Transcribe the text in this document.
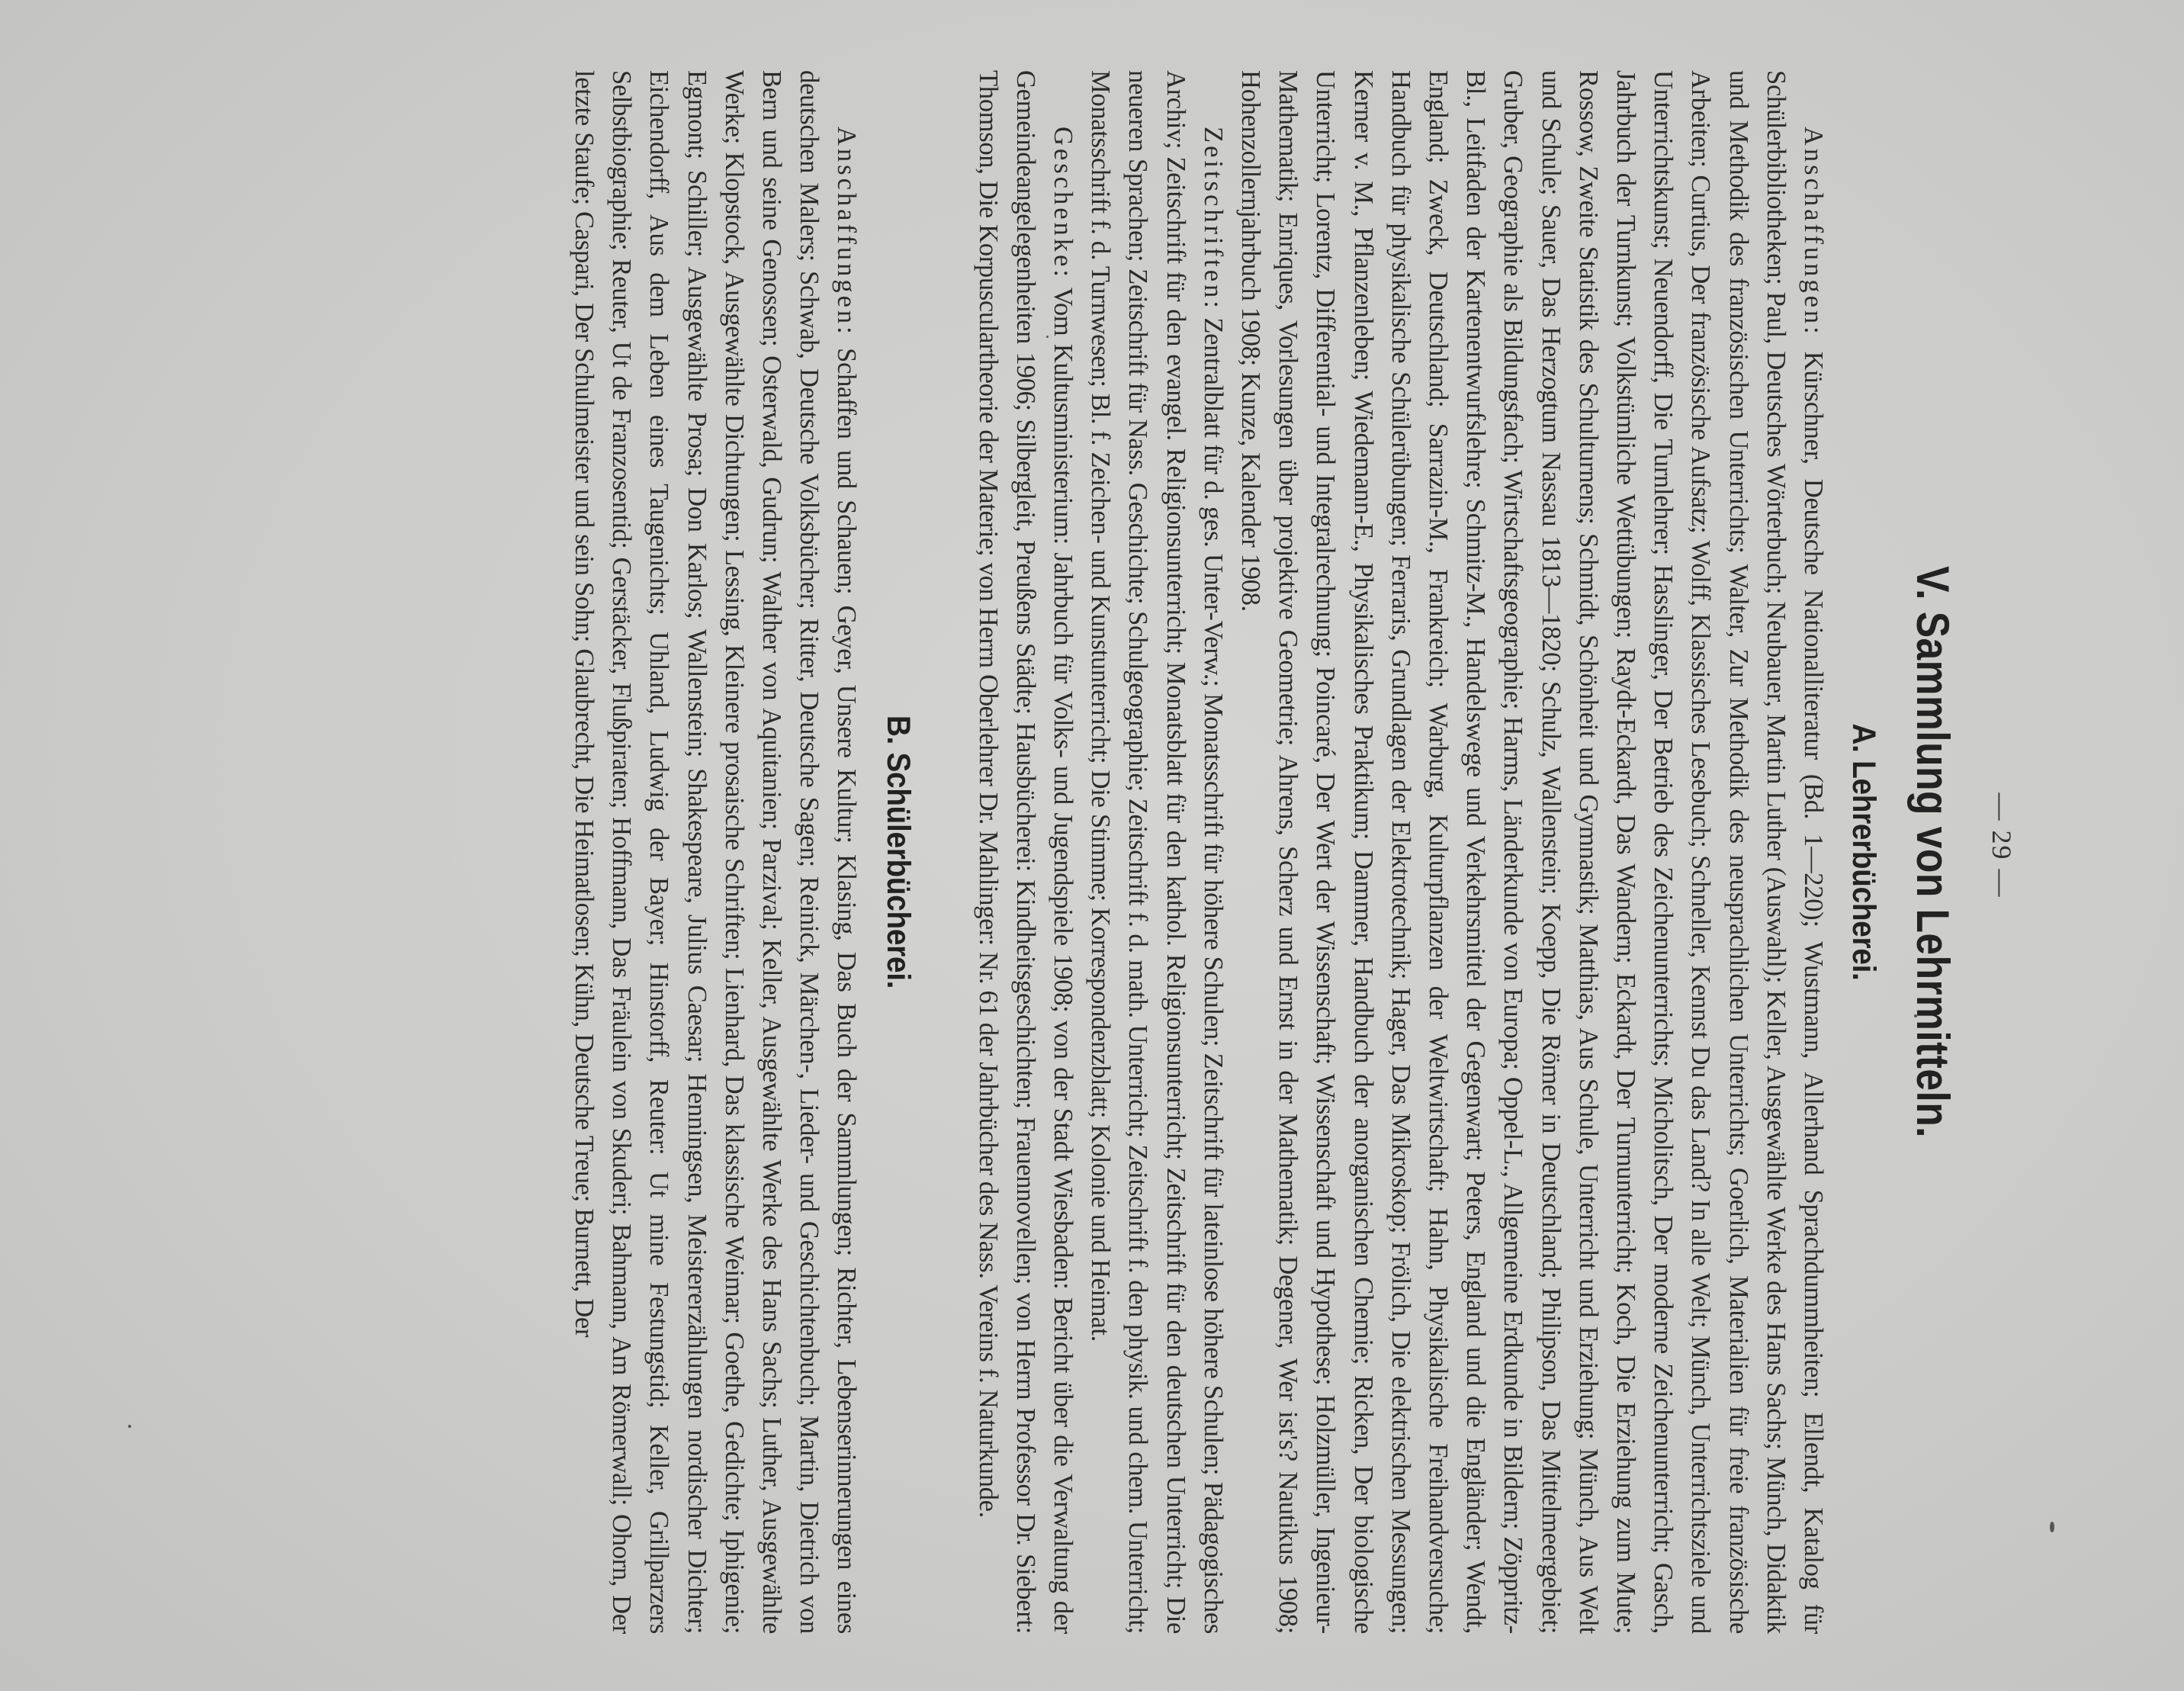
— 29 —
V. Sammlung von Lehrmitteln.
A. Lehrerbücherei.

Anschaffungen: Kürschner, Deutsche Nationalliteratur (Bd. 1—220); Wustmann, Allerhand Sprachdummheiten; Ellendt, Katalog für Schülerbibliotheken; Paul, Deutsches Wörterbuch; Neubauer, Martin Luther (Auswahl); Keller, Ausgewählte Werke des Hans Sachs; Münch, Didaktik und Methodik des französischen Unterrichts; Walter, Zur Methodik des neusprachlichen Unterrichts; Goerlich, Materialien für freie französische Arbeiten; Curtius, Der französische Aufsatz; Wolff, Klassisches Lesebuch; Schneller, Kennst Du das Land? In alle Welt; Münch, Unterrichtsziele und Unterrichtskunst; Neuendorff, Die Turnlehrer; Hasslinger, Der Betrieb des Zeichenunterrichts; Micholitsch, Der moderne Zeichenunterricht; Gasch, Jahrbuch der Turnkunst; Volkstümliche Wettübungen; Raydt-Eckardt, Das Wandern; Eckardt, Der Turnunterricht; Koch, Die Erziehung zum Mute; Rossow, Zweite Statistik des Schulturnens; Schmidt, Schönheit und Gymnastik; Matthias, Aus Schule, Unterricht und Erziehung; Münch, Aus Welt und Schule; Sauer, Das Herzogtum Nassau 1813—1820; Schulz, Wallenstein; Koepp, Die Römer in Deutschland; Philipson, Das Mittelmeergebiet; Gruber, Geographie als Bildungsfach; Wirtschaftsgeographie; Harms, Länderkunde von Europa; Oppel-L., Allgemeine Erdkunde in Bildern; Zöppritz-Bl., Leitfaden der Kartenentwurfslehre; Schmitz-M., Handelswege und Verkehrsmittel der Gegenwart; Peters, England und die Engländer; Wendt, England; Zweck, Deutschland; Sarrazin-M., Frankreich; Warburg, Kulturpflanzen der Weltwirtschaft; Hahn, Physikalische Freihandversuche; Handbuch für physikalische Schülerübungen; Ferraris, Grundlagen der Elektrotechnik; Hager, Das Mikroskop; Frölich, Die elektrischen Messungen; Kerner v. M., Pflanzenleben; Wiedemann-E., Physikalisches Praktikum; Dammer, Handbuch der anorganischen Chemie; Ricken, Der biologische Unterricht; Lorentz, Differential- und Integralrechnung; Poincaré, Der Wert der Wissenschaft; Wissenschaft und Hypothese; Holzmüller, Ingenieur-Mathematik; Enriques, Vorlesungen über projektive Geometrie; Ahrens, Scherz und Ernst in der Mathematik; Degener, Wer ist's? Nautikus 1908; Hohenzollernjahrbuch 1908; Kunze, Kalender 1908.

Zeitschriften: Zentralblatt für d. ges. Unter-Verw.; Monatsschrift für höhere Schulen; Zeitschrift für lateinlose höhere Schulen; Pädagogisches Archiv; Zeitschrift für den evangel. Religionsunterricht; Monatsblatt für den kathol. Religionsunterricht; Zeitschrift für den deutschen Unterricht; Die neueren Sprachen; Zeitschrift für Nass. Geschichte; Schulgeographie; Zeitschrift f. d. math. Unterricht; Zeitschrift f. den physik. und chem. Unterricht; Monatsschrift f. d. Turnwesen; Bl. f. Zeichen- und Kunstunterricht; Die Stimme; Korrespondenzblatt; Kolonie und Heimat.

Geschenke: Vom Kultusministerium: Jahrbuch für Volks- und Jugendspiele 1908; von der Stadt Wiesbaden: Bericht über die Verwaltung der Gemeindeangelegenheiten 1906; Silbergleit, Preußens Städte; Hausbücherei: Kindheitsgeschichten; Frauennovellen; von Herrn Professor Dr. Siebert: Thomson, Die Korpusculartheorie der Materie; von Herrn Oberlehrer Dr. Mahlinger: Nr. 61 der Jahrbücher des Nass. Vereins f. Naturkunde.

B. Schülerbücherei.

Anschaffungen: Schaffen und Schauen; Geyer, Unsere Kultur; Klasing, Das Buch der Sammlungen; Richter, Lebenserinnerungen eines deutschen Malers; Schwab, Deutsche Volksbücher; Ritter, Deutsche Sagen; Reinick, Märchen-, Lieder- und Geschichtenbuch; Martin, Dietrich von Bern und seine Genossen; Osterwald, Gudrun; Walther von Aquitanien; Parzival; Keller, Ausgewählte Werke des Hans Sachs; Luther, Ausgewählte Werke; Klopstock, Ausgewählte Dichtungen; Lessing, Kleinere prosaische Schriften; Lienhard, Das klassische Weimar; Goethe, Gedichte; Iphigenie; Egmont; Schiller; Ausgewählte Prosa; Don Karlos; Wallenstein; Shakespeare, Julius Caesar; Henningsen, Meistererzählungen nordischer Dichter; Eichendorff, Aus dem Leben eines Taugenichts; Uhland, Ludwig der Bayer; Hinstorff, Reuter: Ut mine Festungstid; Keller, Grillparzers Selbstbiographie; Reuter, Ut de Franzosentid; Gerstäcker, Flußpiraten; Hoffmann, Das Fräulein von Skuderi; Bahmann, Am Römerwall; Ohorn, Der letzte Staufe; Caspari, Der Schulmeister und sein Sohn; Glaubrecht, Die Heimatlosen; Kühn, Deutsche Treue; Burnett, Der
